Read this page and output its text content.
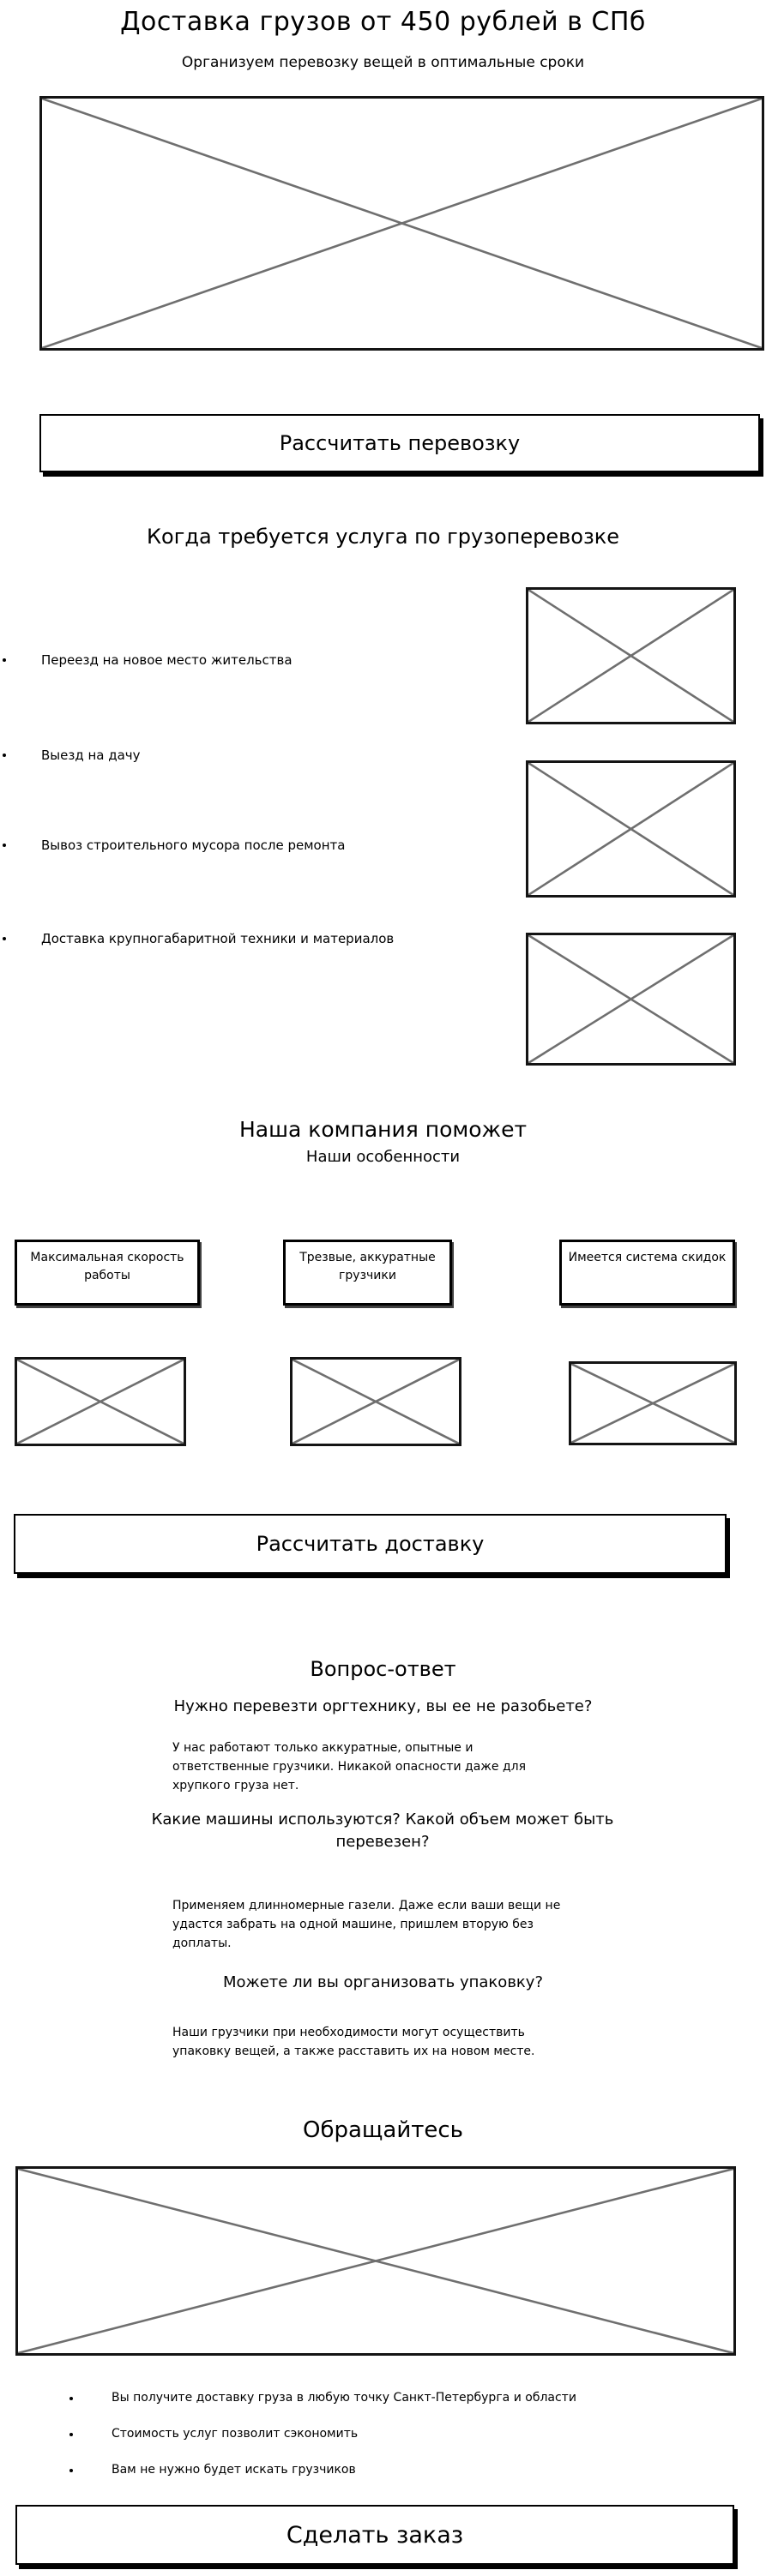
Доставка грузов от 450 рублей в СПб
Организуем перевозку вещей в оптимальные сроки
Рассчитать перевозку
Когда требуется услуга по грузоперевозке
Переезд на новое место жительства
Выезд на дачу
Вывоз строительного мусора после ремонта
Доставка крупногабаритной техники и материалов
Наша компания поможет
Наши особенности
Максимальная скорость работы
Трезвые, аккуратные грузчики
Имеется система скидок
Рассчитать доставку
Вопрос-ответ
Нужно перевезти оргтехнику, вы ее не разобьете?
У нас работают только аккуратные, опытные и ответственные грузчики. Никакой опасности даже для хрупкого груза нет.
Какие машины используются? Какой объем может быть перевезен?
Применяем длинномерные газели. Даже если ваши вещи не удастся забрать на одной машине, пришлем вторую без доплаты.
Можете ли вы организовать упаковку?
Наши грузчики при необходимости могут осуществить упаковку вещей, а также расставить их на новом месте.
Обращайтесь
Вы получите доставку груза в любую точку Санкт-Петербурга и области
Стоимость услуг позволит сэкономить
Вам не нужно будет искать грузчиков
Сделать заказ
